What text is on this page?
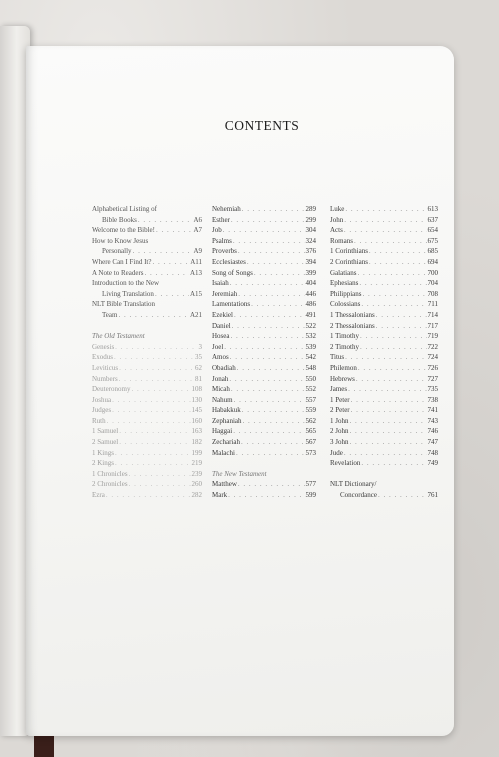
CONTENTS
Alphabetical Listing of
Bible Books . . .	A6
Welcome to the Bible! . . .	A7
How to Know Jesus
Personally . . .	A9
Where Can I Find It? . . .	A11
A Note to Readers . . .	A13
Introduction to the New
Living Translation . . .	A15
NLT Bible Translation
Team . . .	A21
The Old Testament
Genesis . . .	3
Exodus . . .	35
Leviticus . . .	62
Numbers . . .	81
Deuteronomy . . .	108
Joshua . . .	130
Judges . . .	145
Ruth . . .	160
1 Samuel . . .	163
2 Samuel . . .	182
1 Kings . . .	199
2 Kings . . .	219
1 Chronicles . . .	239
2 Chronicles . . .	260
Ezra . . .	282
Nehemiah . . .	289
Esther . . .	299
Job . . .	304
Psalms . . .	324
Proverbs . . .	376
Ecclesiastes . . .	394
Song of Songs . . .	399
Isaiah . . .	404
Jeremiah . . .	446
Lamentations . . .	486
Ezekiel . . .	491
Daniel . . .	522
Hosea . . .	532
Joel . . .	539
Amos . . .	542
Obadiah . . .	548
Jonah . . .	550
Micah . . .	552
Nahum . . .	557
Habakkuk . . .	559
Zephaniah . . .	562
Haggai . . .	565
Zechariah . . .	567
Malachi . . .	573
The New Testament
Matthew . . .	577
Mark . . .	599
Luke . . .	613
John . . .	637
Acts . . .	654
Romans . . .	675
1 Corinthians . . .	685
2 Corinthians . . .	694
Galatians . . .	700
Ephesians . . .	704
Philippians . . .	708
Colossians . . .	711
1 Thessalonians . . .	714
2 Thessalonians . . .	717
1 Timothy . . .	719
2 Timothy . . .	722
Titus . . .	724
Philemon . . .	726
Hebrews . . .	727
James . . .	735
1 Peter . . .	738
2 Peter . . .	741
1 John . . .	743
2 John . . .	746
3 John . . .	747
Jude . . .	748
Revelation . . .	749
NLT Dictionary/
Concordance . . .	761
